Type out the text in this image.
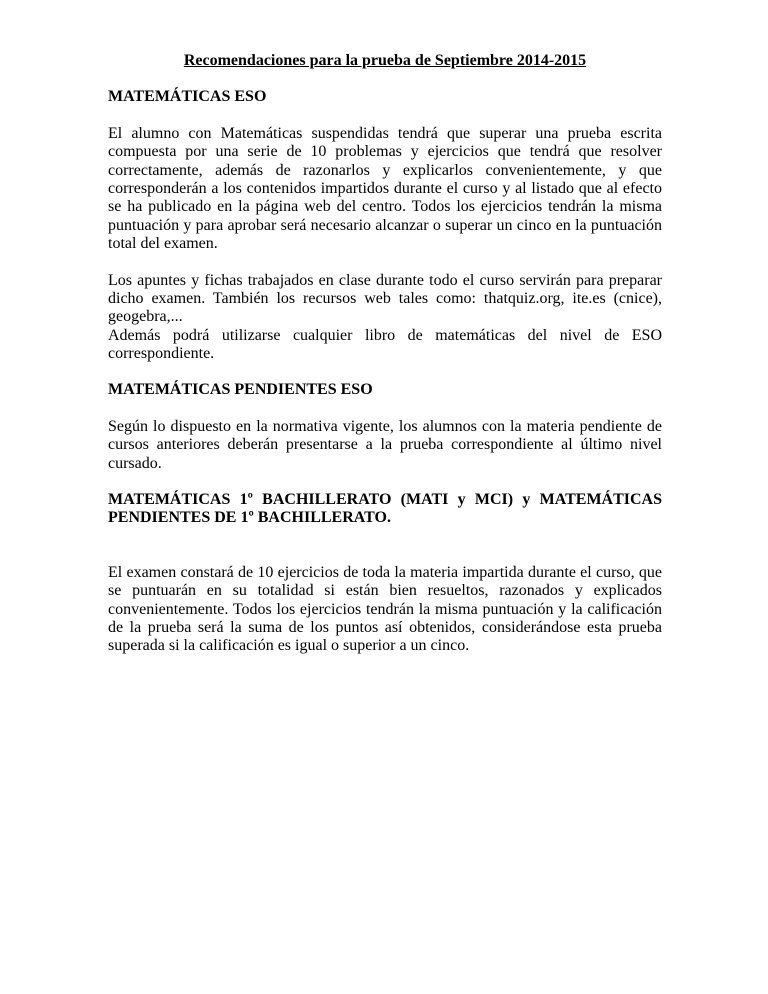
Recomendaciones para la prueba de Septiembre 2014-2015
MATEMÁTICAS ESO

El alumno con Matemáticas suspendidas tendrá que superar una prueba escrita compuesta por una serie de 10 problemas y ejercicios que tendrá que resolver correctamente, además de razonarlos y explicarlos convenientemente, y que corresponderán a los contenidos impartidos durante el curso y al listado que al efecto se ha publicado en la página web del centro. Todos los ejercicios tendrán la misma puntuación y para aprobar será necesario alcanzar o superar un cinco en la puntuación total del examen.

Los apuntes y fichas trabajados en clase durante todo el curso servirán para preparar dicho examen. También los recursos web tales como: thatquiz.org, ite.es (cnice), geogebra,...

Además podrá utilizarse cualquier libro de matemáticas del nivel de ESO correspondiente.

MATEMÁTICAS PENDIENTES ESO

Según lo dispuesto en la normativa vigente, los alumnos con la materia pendiente de cursos anteriores deberán presentarse a la prueba correspondiente al último nivel cursado.

MATEMÁTICAS 1º BACHILLERATO (MATI y MCI) y MATEMÁTICAS PENDIENTES DE 1º BACHILLERATO.

El examen constará de 10 ejercicios de toda la materia impartida durante el curso, que se puntuarán en su totalidad si están bien resueltos, razonados y explicados convenientemente. Todos los ejercicios tendrán la misma puntuación y la calificación de la prueba será la suma de los puntos así obtenidos, considerándose esta prueba superada si la calificación es igual o superior a un cinco.
